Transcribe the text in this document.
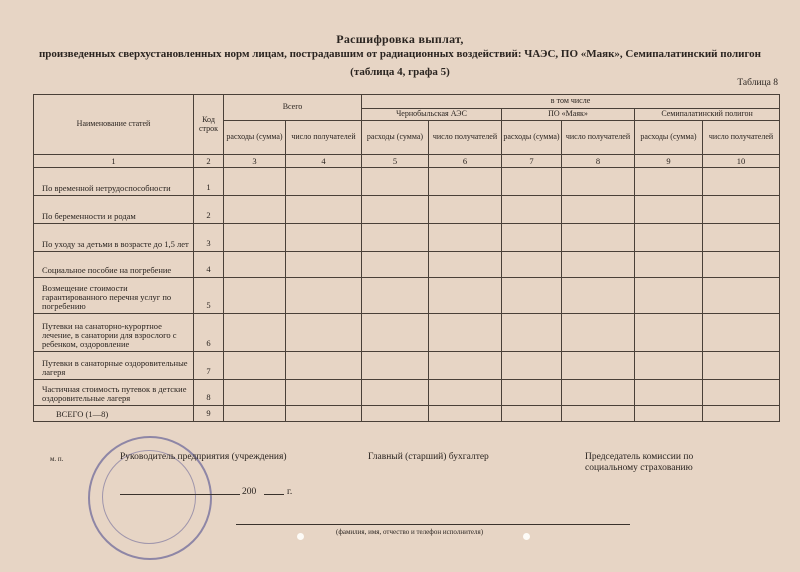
Расшифровка выплат,
произведенных сверхустановленных норм лицам, пострадавшим от радиационных воздействий: ЧАЭС, ПО «Маяк», Семипалатинский полигон
(таблица 4, графа 5)
Таблица 8
Наименование статей	Код строк	Всего		в том числе					
				Чернобыльская АЭС		ПО «Маяк»		Семипалатинский полигон	
		расходы (сумма)	число получателей	расходы (сумма)	число получателей	расходы (сумма)	число получателей	расходы (сумма)	число получателей
1	2	3	4	5	6	7	8	9	10
По временной нетрудоспособности	1								
По беременности и родам	2								
По уходу за детьми в возрасте до 1,5 лет	3								
Социальное пособие на погребение	4								
Возмещение стоимости гарантированного перечня услуг по погребению	5								
Путевки на санаторно-курортное лечение, в санатории для взрослого с ребенком, оздоровление	6								
Путевки в санаторные оздоровительные лагеря	7								
Частичная стоимость путевок в детские оздоровительные лагеря	8								
ВСЕГО (1—8)	9								
м. п.	Руководитель предприятия (учреждения)	Главный (старший) бухгалтер	Председатель комиссии по социальному страхованию
200	г.
(фамилия, имя, отчество и телефон исполнителя)
